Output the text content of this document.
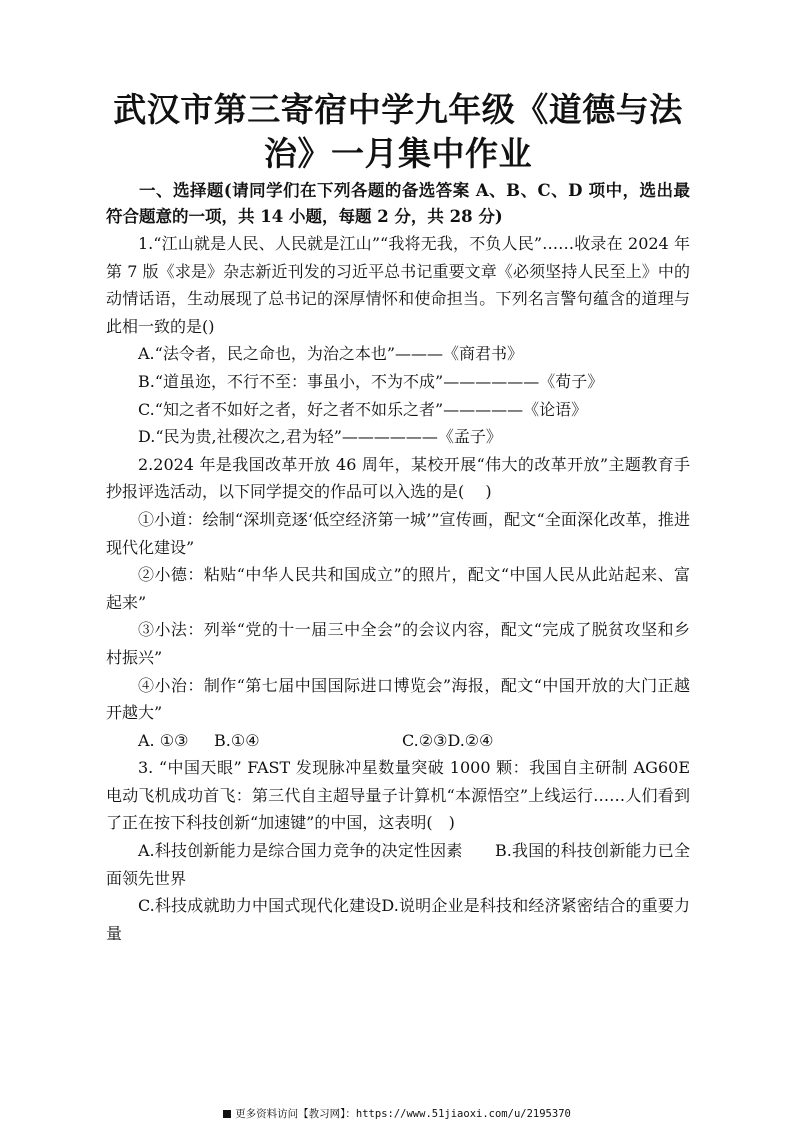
武汉市第三寄宿中学九年级《道德与法
治》一月集中作业

一、选择题(请同学们在下列各题的备选答案 A、B、C、D 项中，选出最符合题意的一项，共 14 小题，每题 2 分，共 28 分)

1.“江山就是人民、人民就是江山”“我将无我，不负人民”……收录在 2024 年第 7 版《求是》杂志新近刊发的习近平总书记重要文章《必须坚持人民至上》中的动情话语，生动展现了总书记的深厚情怀和使命担当。下列名言警句蕴含的道理与此相一致的是()

A.“法令者，民之命也，为治之本也”———《商君书》

B.“道虽迩，不行不至：事虽小，不为不成”——————《荀子》

C.“知之者不如好之者，好之者不如乐之者”—————《论语》

D.“民为贵,社稷次之,君为轻”——————《孟子》

2.2024 年是我国改革开放 46 周年，某校开展“伟大的改革开放”主题教育手抄报评选活动，以下同学提交的作品可以入选的是(　 )

①小道：绘制“深圳竞逐‘低空经济第一城’”宣传画，配文“全面深化改革，推进现代化建设”

②小德：粘贴“中华人民共和国成立”的照片，配文“中国人民从此站起来、富起来”

③小法：列举“党的十一届三中全会”的会议内容，配文“完成了脱贫攻坚和乡村振兴”

④小治：制作“第七届中国国际进口博览会”海报，配文“中国开放的大门正越开越大”

A. ①③ B.①④	C.②③D.②④

3. “中国天眼” FAST 发现脉冲星数量突破 1000 颗：我国自主研制 AG60E 电动飞机成功首飞：第三代自主超导量子计算机“本源悟空”上线运行……人们看到了正在按下科技创新“加速键”的中国，这表明(　)

A.科技创新能力是综合国力竞争的决定性因素　　B.我国的科技创新能力已全面领先世界

C.科技成就助力中国式现代化建设D.说明企业是科技和经济紧密结合的重要力量

更多资料访问【教习网】：https://www.51jiaoxi.com/u/2195370
